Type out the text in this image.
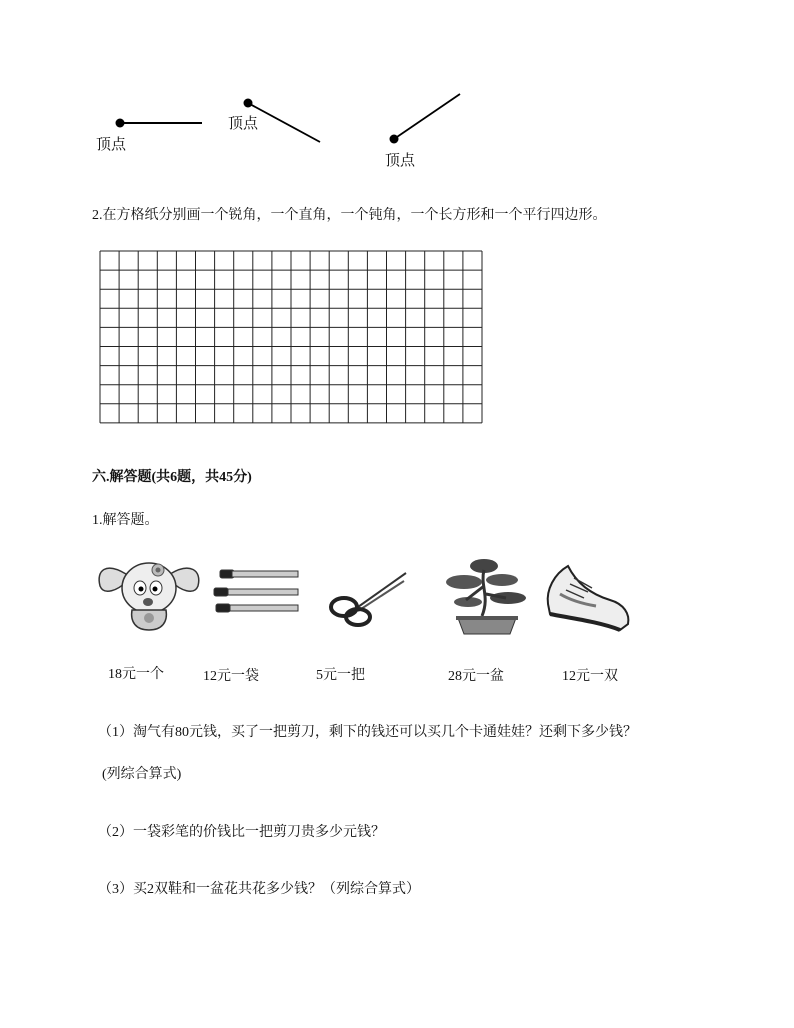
顶点
顶点
顶点
2.在方格纸分别画一个锐角，一个直角，一个钝角，一个长方形和一个平行四边形。
六.解答题(共6题，共45分)
1.解答题。
18元一个	12元一袋	5元一把	28元一盆	12元一双
（1）淘气有80元钱，买了一把剪刀，剩下的钱还可以买几个卡通娃娃？还剩下多少钱？
(列综合算式)
（2）一袋彩笔的价钱比一把剪刀贵多少元钱？
（3）买2双鞋和一盆花共花多少钱？（列综合算式）
